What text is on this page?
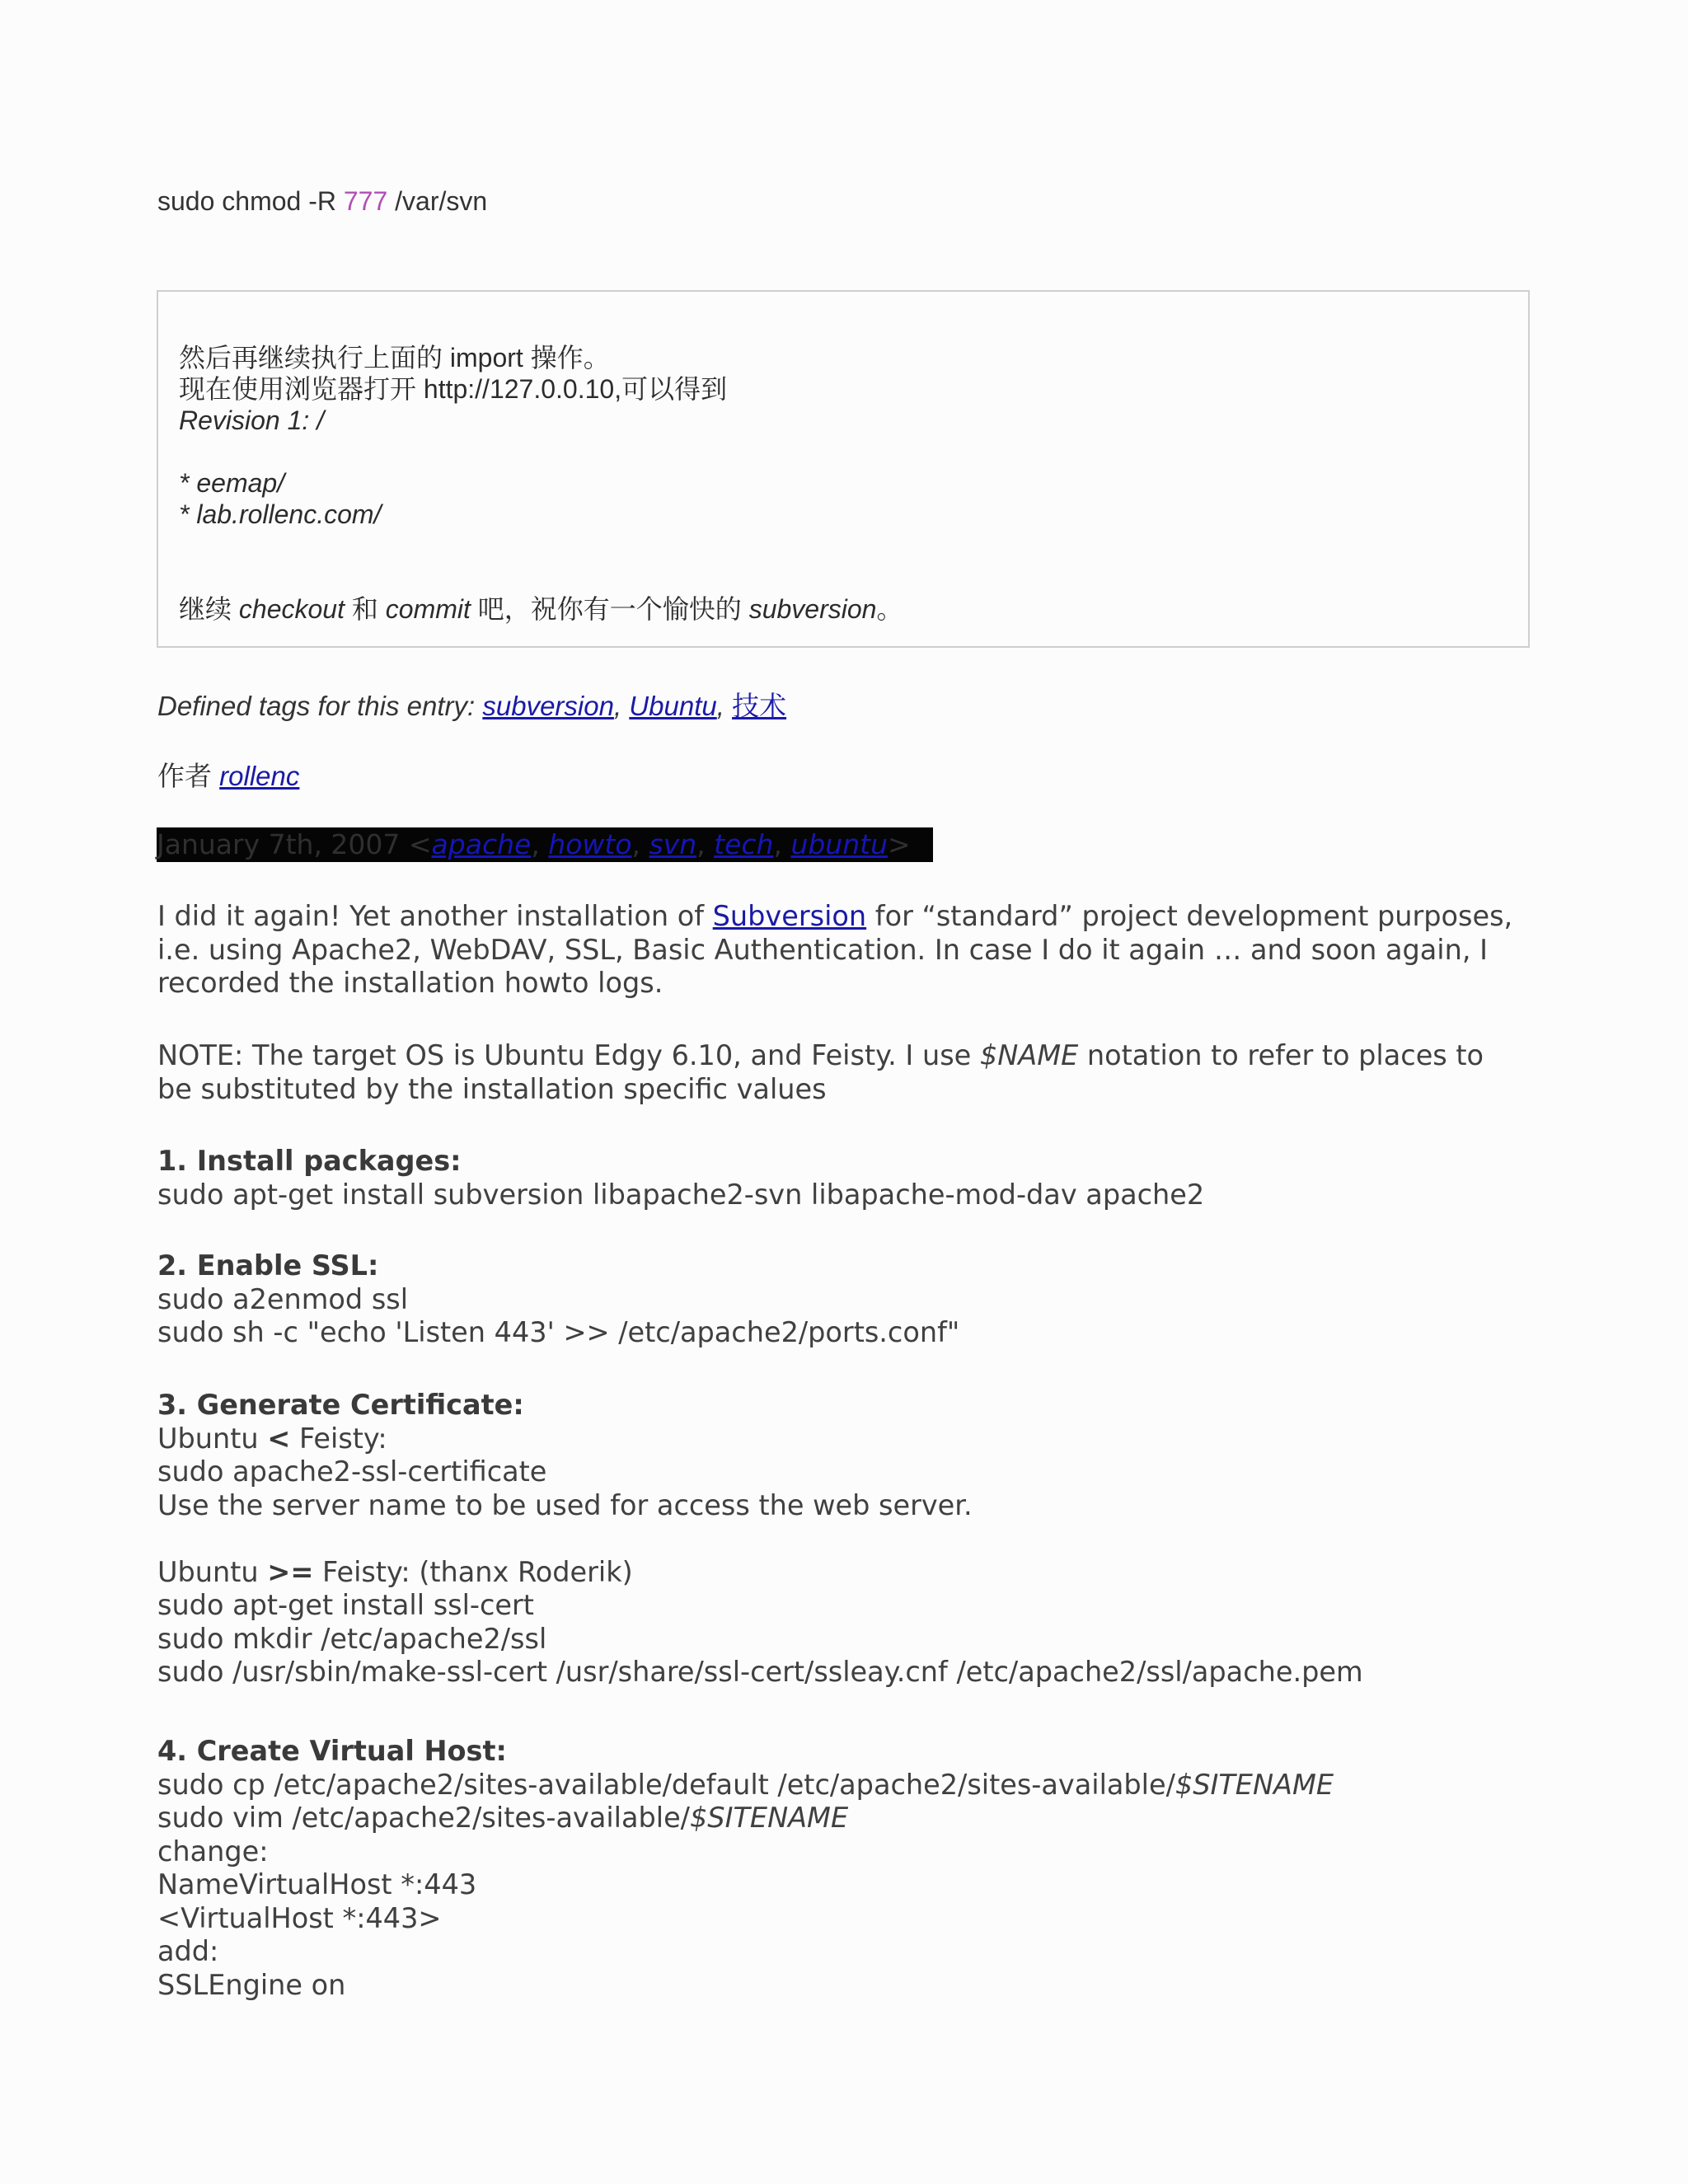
sudo chmod -R 777 /var/svn
然后再继续执行上面的 import 操作。
现在使用浏览器打开 http://127.0.0.10,可以得到
Revision 1: /
* eemap/
* lab.rollenc.com/
继续 checkout 和 commit 吧，祝你有一个愉快的 subversion。
Defined tags for this entry: subversion, Ubuntu, 技术
作者 rollenc
January 7th, 2007 <apache, howto, svn, tech, ubuntu>
I did it again! Yet another installation of Subversion for “standard” project development purposes,
i.e. using Apache2, WebDAV, SSL, Basic Authentication. In case I do it again … and soon again, I
recorded the installation howto logs.
NOTE: The target OS is Ubuntu Edgy 6.10, and Feisty. I use $NAME notation to refer to places to
be substituted by the installation specific values
1. Install packages:
sudo apt-get install subversion libapache2-svn libapache-mod-dav apache2
2. Enable SSL:
sudo a2enmod ssl
sudo sh -c "echo 'Listen 443' >> /etc/apache2/ports.conf"
3. Generate Certificate:
Ubuntu < Feisty:
sudo apache2-ssl-certificate
Use the server name to be used for access the web server.

Ubuntu >= Feisty: (thanx Roderik)
sudo apt-get install ssl-cert
sudo mkdir /etc/apache2/ssl
sudo /usr/sbin/make-ssl-cert /usr/share/ssl-cert/ssleay.cnf /etc/apache2/ssl/apache.pem
4. Create Virtual Host:
sudo cp /etc/apache2/sites-available/default /etc/apache2/sites-available/$SITENAME
sudo vim /etc/apache2/sites-available/$SITENAME
change:
NameVirtualHost *:443
<VirtualHost *:443>
add:
SSLEngine on
